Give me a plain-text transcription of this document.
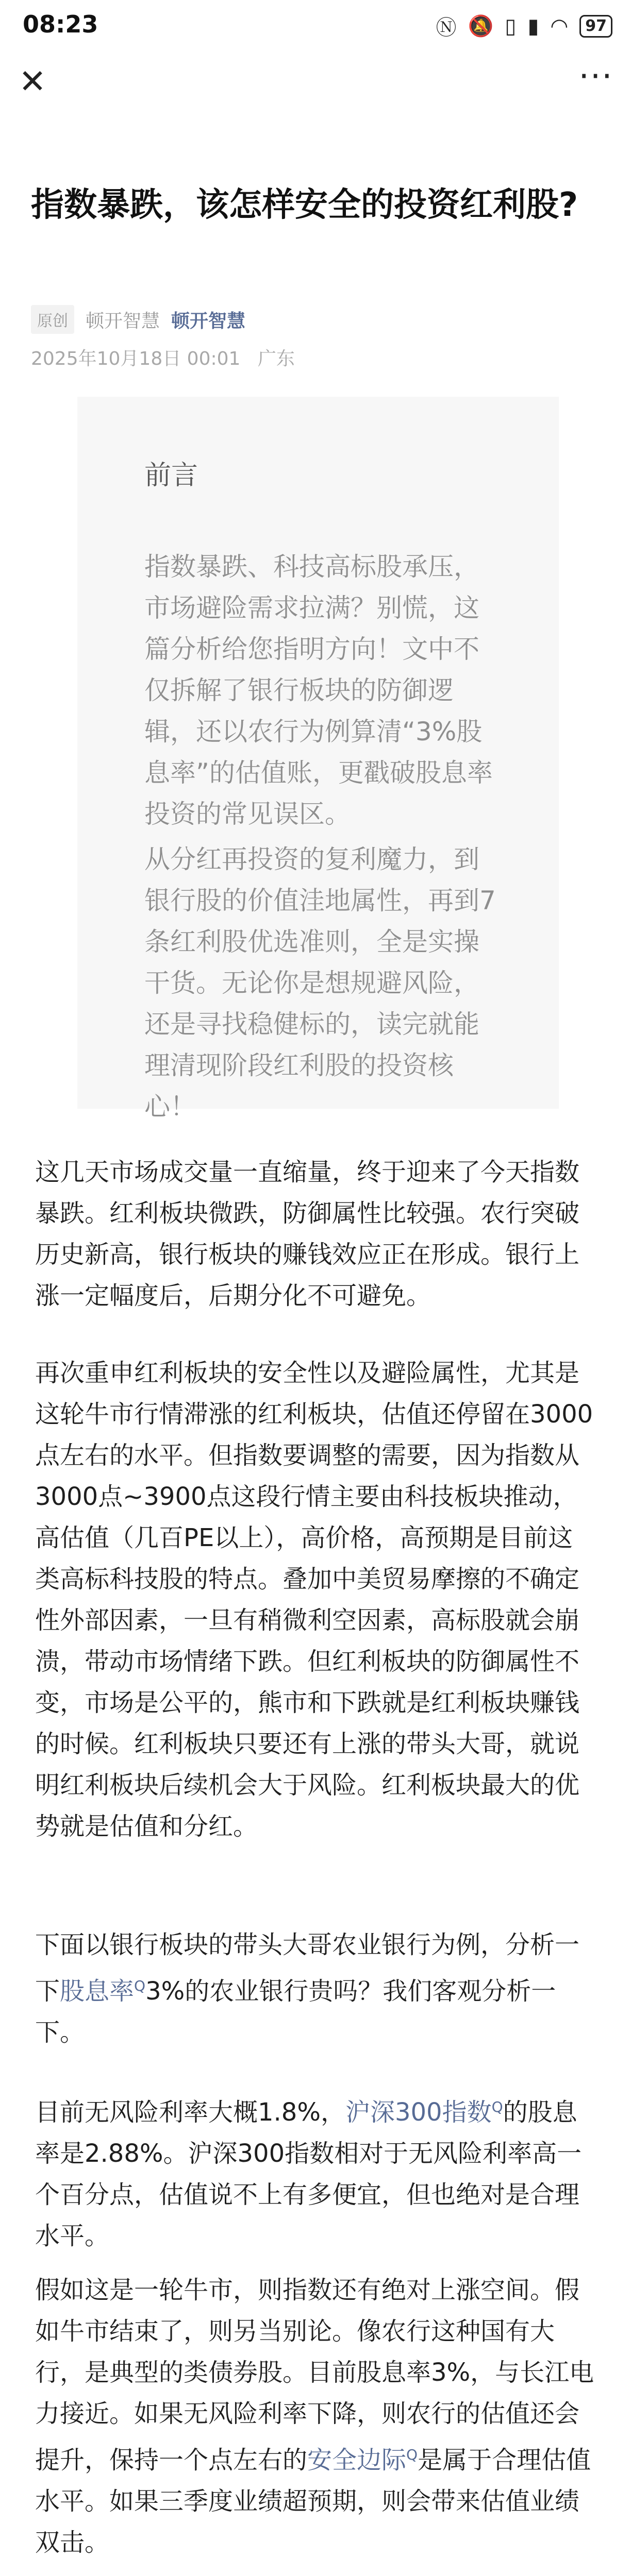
08:23	Ⓝ 🔕 ▯ ▮ ◠	97
✕	···
指数暴跌，该怎样安全的投资红利股?
原创 顿开智慧 顿开智慧
2025年10月18日 00:01 广东
前言

指数暴跌、科技高标股承压，市场避险需求拉满？别慌，这篇分析给您指明方向！文中不仅拆解了银行板块的防御逻辑，还以农行为例算清“3%股息率”的估值账，更戳破股息率投资的常见误区。

从分红再投资的复利魔力，到银行股的价值洼地属性，再到7条红利股优选准则，全是实操干货。无论你是想规避风险，还是寻找稳健标的，读完就能理清现阶段红利股的投资核心！

这几天市场成交量一直缩量，终于迎来了今天指数暴跌。红利板块微跌，防御属性比较强。农行突破历史新高，银行板块的赚钱效应正在形成。银行上涨一定幅度后，后期分化不可避免。

再次重申红利板块的安全性以及避险属性，尤其是这轮牛市行情滞涨的红利板块，估值还停留在3000点左右的水平。但指数要调整的需要，因为指数从3000点~3900点这段行情主要由科技板块推动，高估值（几百PE以上），高价格，高预期是目前这类高标科技股的特点。叠加中美贸易摩擦的不确定性外部因素，一旦有稍微利空因素，高标股就会崩溃，带动市场情绪下跌。但红利板块的防御属性不变，市场是公平的，熊市和下跌就是红利板块赚钱的时候。红利板块只要还有上涨的带头大哥，就说明红利板块后续机会大于风险。红利板块最大的优势就是估值和分红。

下面以银行板块的带头大哥农业银行为例，分析一下股息率$^Q$3%的农业银行贵吗？我们客观分析一下。

目前无风险利率大概1.8%，沪深300指数$^Q$的股息率是2.88%。沪深300指数相对于无风险利率高一个百分点，估值说不上有多便宜，但也绝对是合理水平。

假如这是一轮牛市，则指数还有绝对上涨空间。假如牛市结束了，则另当别论。像农行这种国有大行，是典型的类债券股。目前股息率3%，与长江电力接近。如果无风险利率下降，则农行的估值还会提升，保持一个点左右的安全边际$^Q$是属于合理估值水平。如果三季度业绩超预期，则会带来估值业绩双击。
